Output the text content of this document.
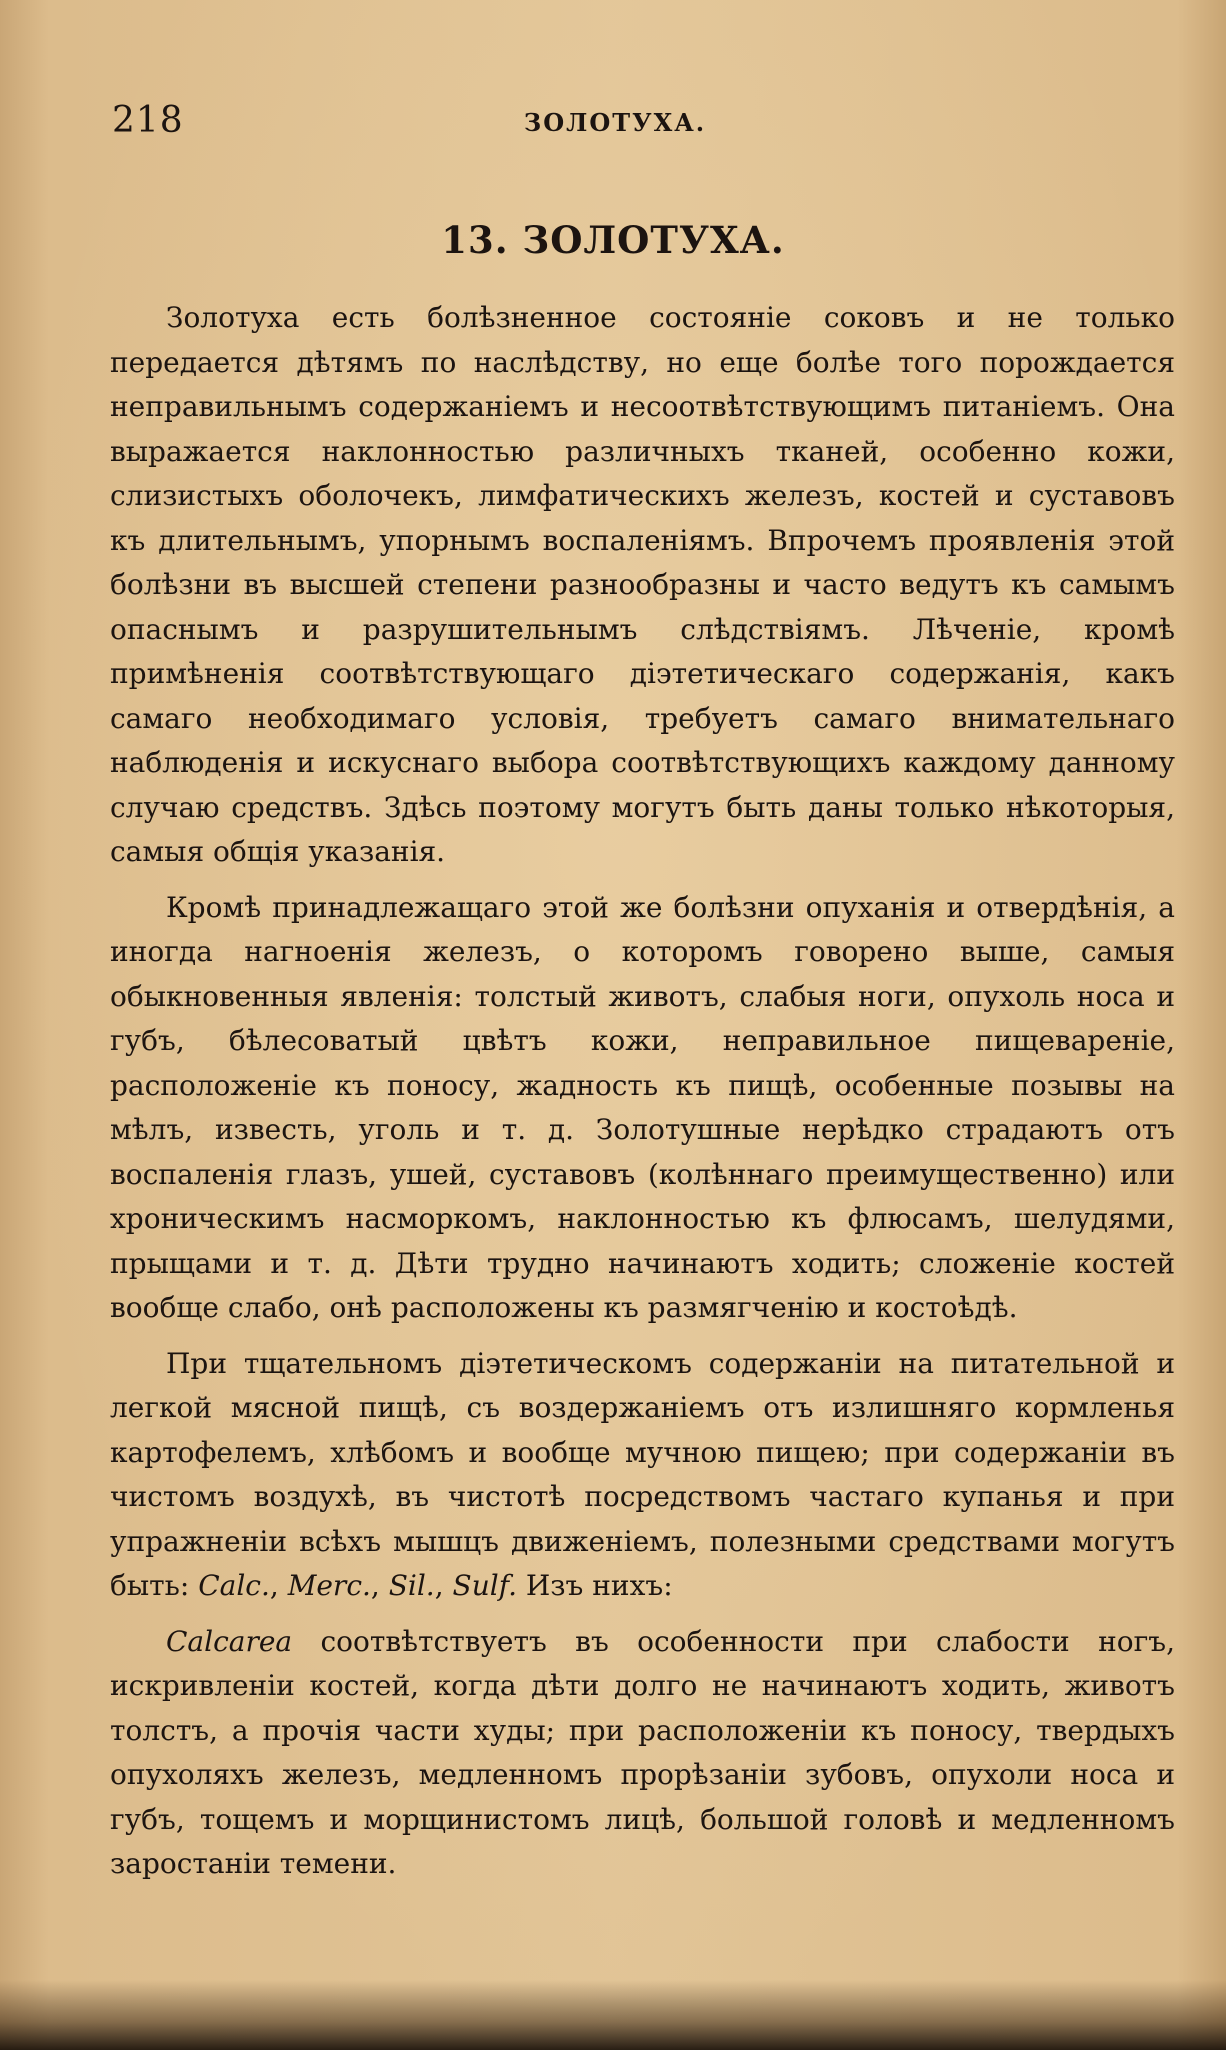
218	ЗОЛОТУХА.
13. ЗОЛОТУХА.

Золотуха есть болѣзненное состоянiе соковъ и не только передается дѣтямъ по наслѣдству, но еще болѣе того порождается неправильнымъ содержанiемъ и несоотвѣтствующимъ питанiемъ. Она выражается наклонностью различныхъ тканей, особенно кожи, слизистыхъ оболочекъ, лимфатическихъ железъ, костей и суставовъ къ длительнымъ, упорнымъ воспаленiямъ. Впрочемъ проявленiя этой болѣзни въ высшей степени разнообразны и часто ведутъ къ самымъ опаснымъ и разрушительнымъ слѣдствiямъ. Лѣченiе, кромѣ примѣненiя соотвѣтствующаго дiэтетическаго содержанiя, какъ самаго необходимаго условiя, требуетъ самаго внимательнаго наблюденiя и искуснаго выбора соотвѣтствующихъ каждому данному случаю средствъ. Здѣсь поэтому могутъ быть даны только нѣкоторыя, самыя общiя указанiя.

Кромѣ принадлежащаго этой же болѣзни опуханiя и отвердѣнiя, а иногда нагноенiя железъ, о которомъ говорено выше, самыя обыкновенныя явленiя: толстый животъ, слабыя ноги, опухоль носа и губъ, бѣлесоватый цвѣтъ кожи, неправильное пищеваренiе, расположенiе къ поносу, жадность къ пищѣ, особенные позывы на мѣлъ, известь, уголь и т. д. Золотушные нерѣдко страдаютъ отъ воспаленiя глазъ, ушей, суставовъ (колѣннаго преимущественно) или хроническимъ насморкомъ, наклонностью къ флюсамъ, шелудями, прыщами и т. д. Дѣти трудно начинаютъ ходить; сложенiе костей вообще слабо, онѣ расположены къ размягченiю и костоѣдѣ.

При тщательномъ дiэтетическомъ содержанiи на питательной и легкой мясной пищѣ, съ воздержанiемъ отъ излишняго кормленья картофелемъ, хлѣбомъ и вообще мучною пищею; при содержанiи въ чистомъ воздухѣ, въ чистотѣ посредствомъ частаго купанья и при упражненiи всѣхъ мышцъ движенiемъ, полезными средствами могутъ быть: Calc., Merc., Sil., Sulf. Изъ нихъ:

Calcarea соотвѣтствуетъ въ особенности при слабости ногъ, искривленiи костей, когда дѣти долго не начинаютъ ходить, животъ толстъ, а прочiя части худы; при расположенiи къ поносу, твердыхъ опухоляхъ железъ, медленномъ прорѣзанiи зубовъ, опухоли носа и губъ, тощемъ и морщинистомъ лицѣ, большой головѣ и медленномъ заростанiи темени.
